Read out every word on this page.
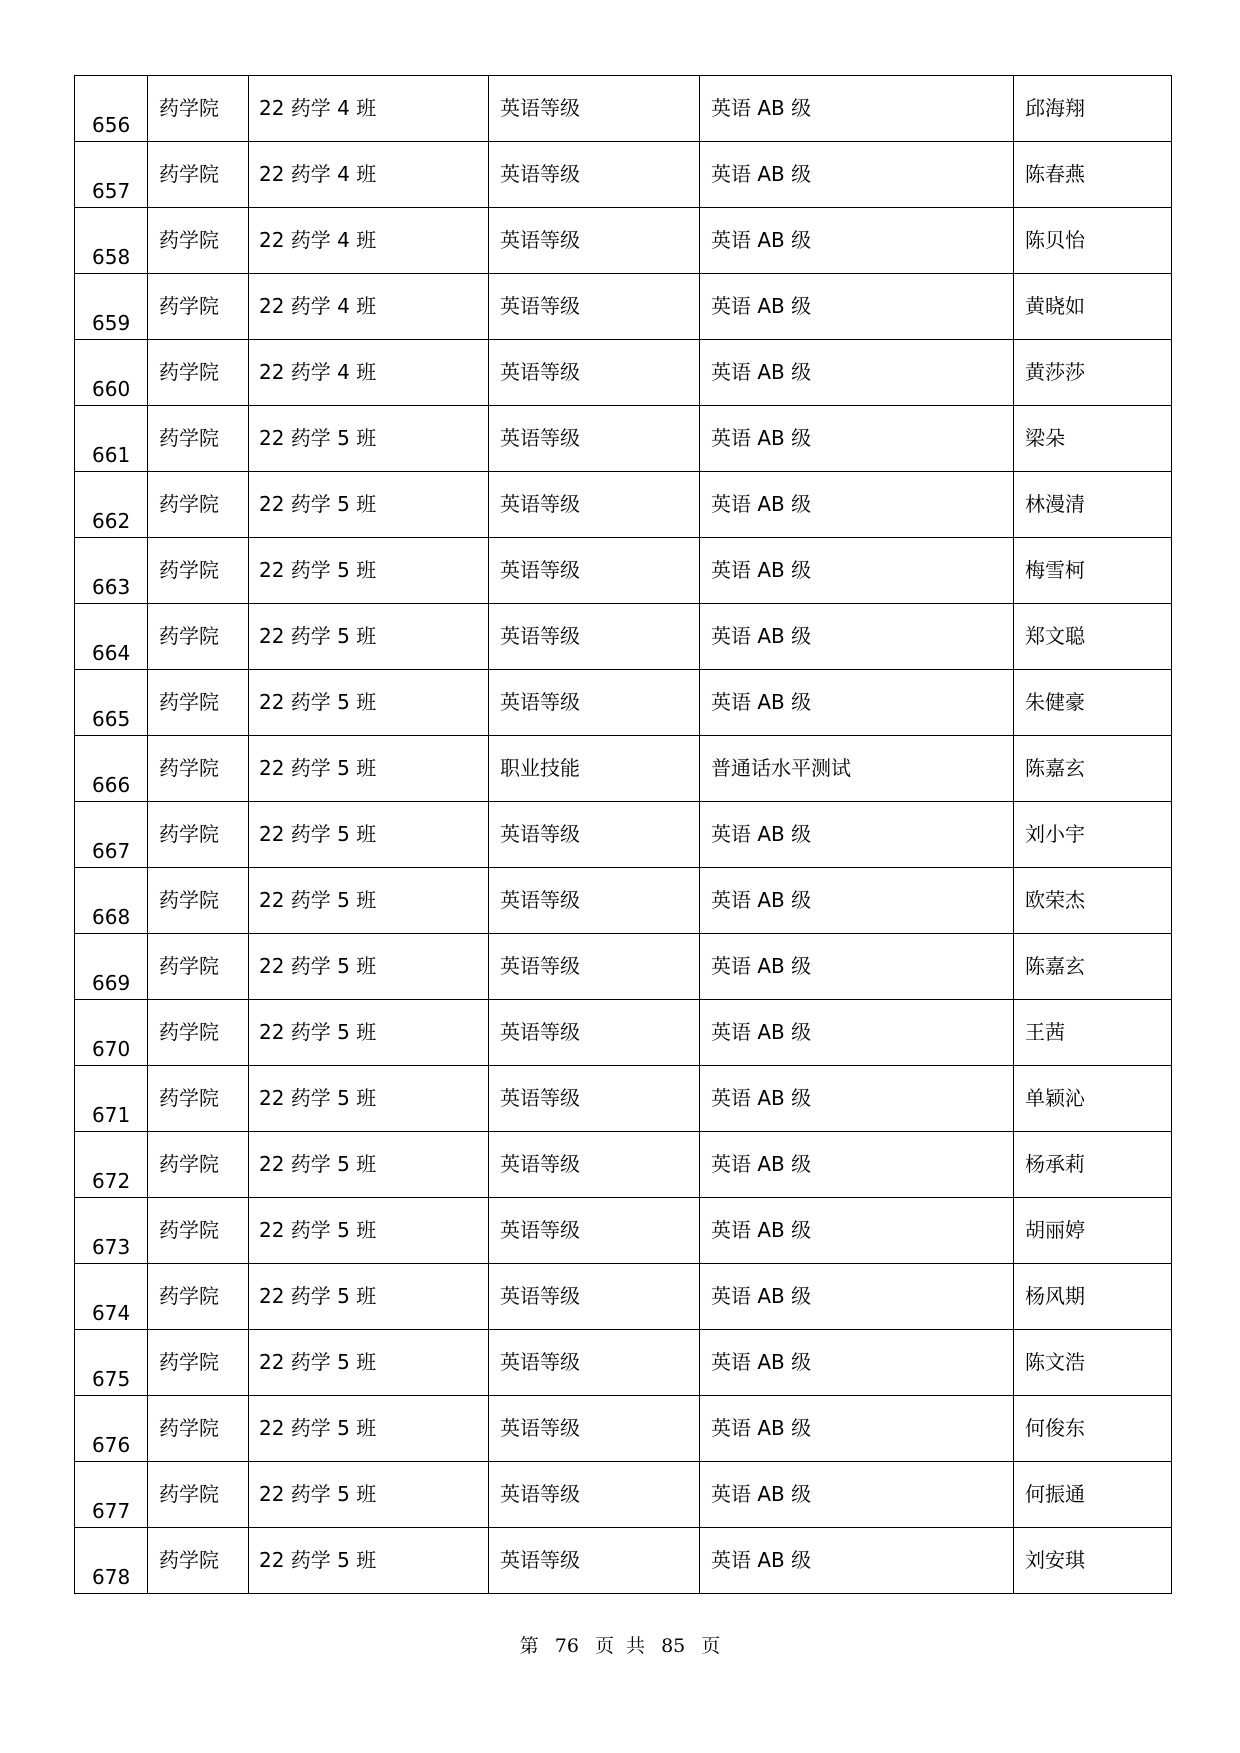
656	药学院	22 药学 4 班	英语等级	英语 AB 级	邱海翔

657	药学院	22 药学 4 班	英语等级	英语 AB 级	陈春燕

658	药学院	22 药学 4 班	英语等级	英语 AB 级	陈贝怡

659	药学院	22 药学 4 班	英语等级	英语 AB 级	黄晓如

660	药学院	22 药学 4 班	英语等级	英语 AB 级	黄莎莎

661	药学院	22 药学 5 班	英语等级	英语 AB 级	梁朵

662	药学院	22 药学 5 班	英语等级	英语 AB 级	林漫清

663	药学院	22 药学 5 班	英语等级	英语 AB 级	梅雪柯

664	药学院	22 药学 5 班	英语等级	英语 AB 级	郑文聪

665	药学院	22 药学 5 班	英语等级	英语 AB 级	朱健豪

666	药学院	22 药学 5 班	职业技能	普通话水平测试	陈嘉玄

667	药学院	22 药学 5 班	英语等级	英语 AB 级	刘小宇

668	药学院	22 药学 5 班	英语等级	英语 AB 级	欧荣杰

669	药学院	22 药学 5 班	英语等级	英语 AB 级	陈嘉玄

670	药学院	22 药学 5 班	英语等级	英语 AB 级	王茜

671	药学院	22 药学 5 班	英语等级	英语 AB 级	单颖沁

672	药学院	22 药学 5 班	英语等级	英语 AB 级	杨承莉

673	药学院	22 药学 5 班	英语等级	英语 AB 级	胡丽婷

674	药学院	22 药学 5 班	英语等级	英语 AB 级	杨风期

675	药学院	22 药学 5 班	英语等级	英语 AB 级	陈文浩

676	药学院	22 药学 5 班	英语等级	英语 AB 级	何俊东

677	药学院	22 药学 5 班	英语等级	英语 AB 级	何振通

678	药学院	22 药学 5 班	英语等级	英语 AB 级	刘安琪
第 76 页 共 85 页
